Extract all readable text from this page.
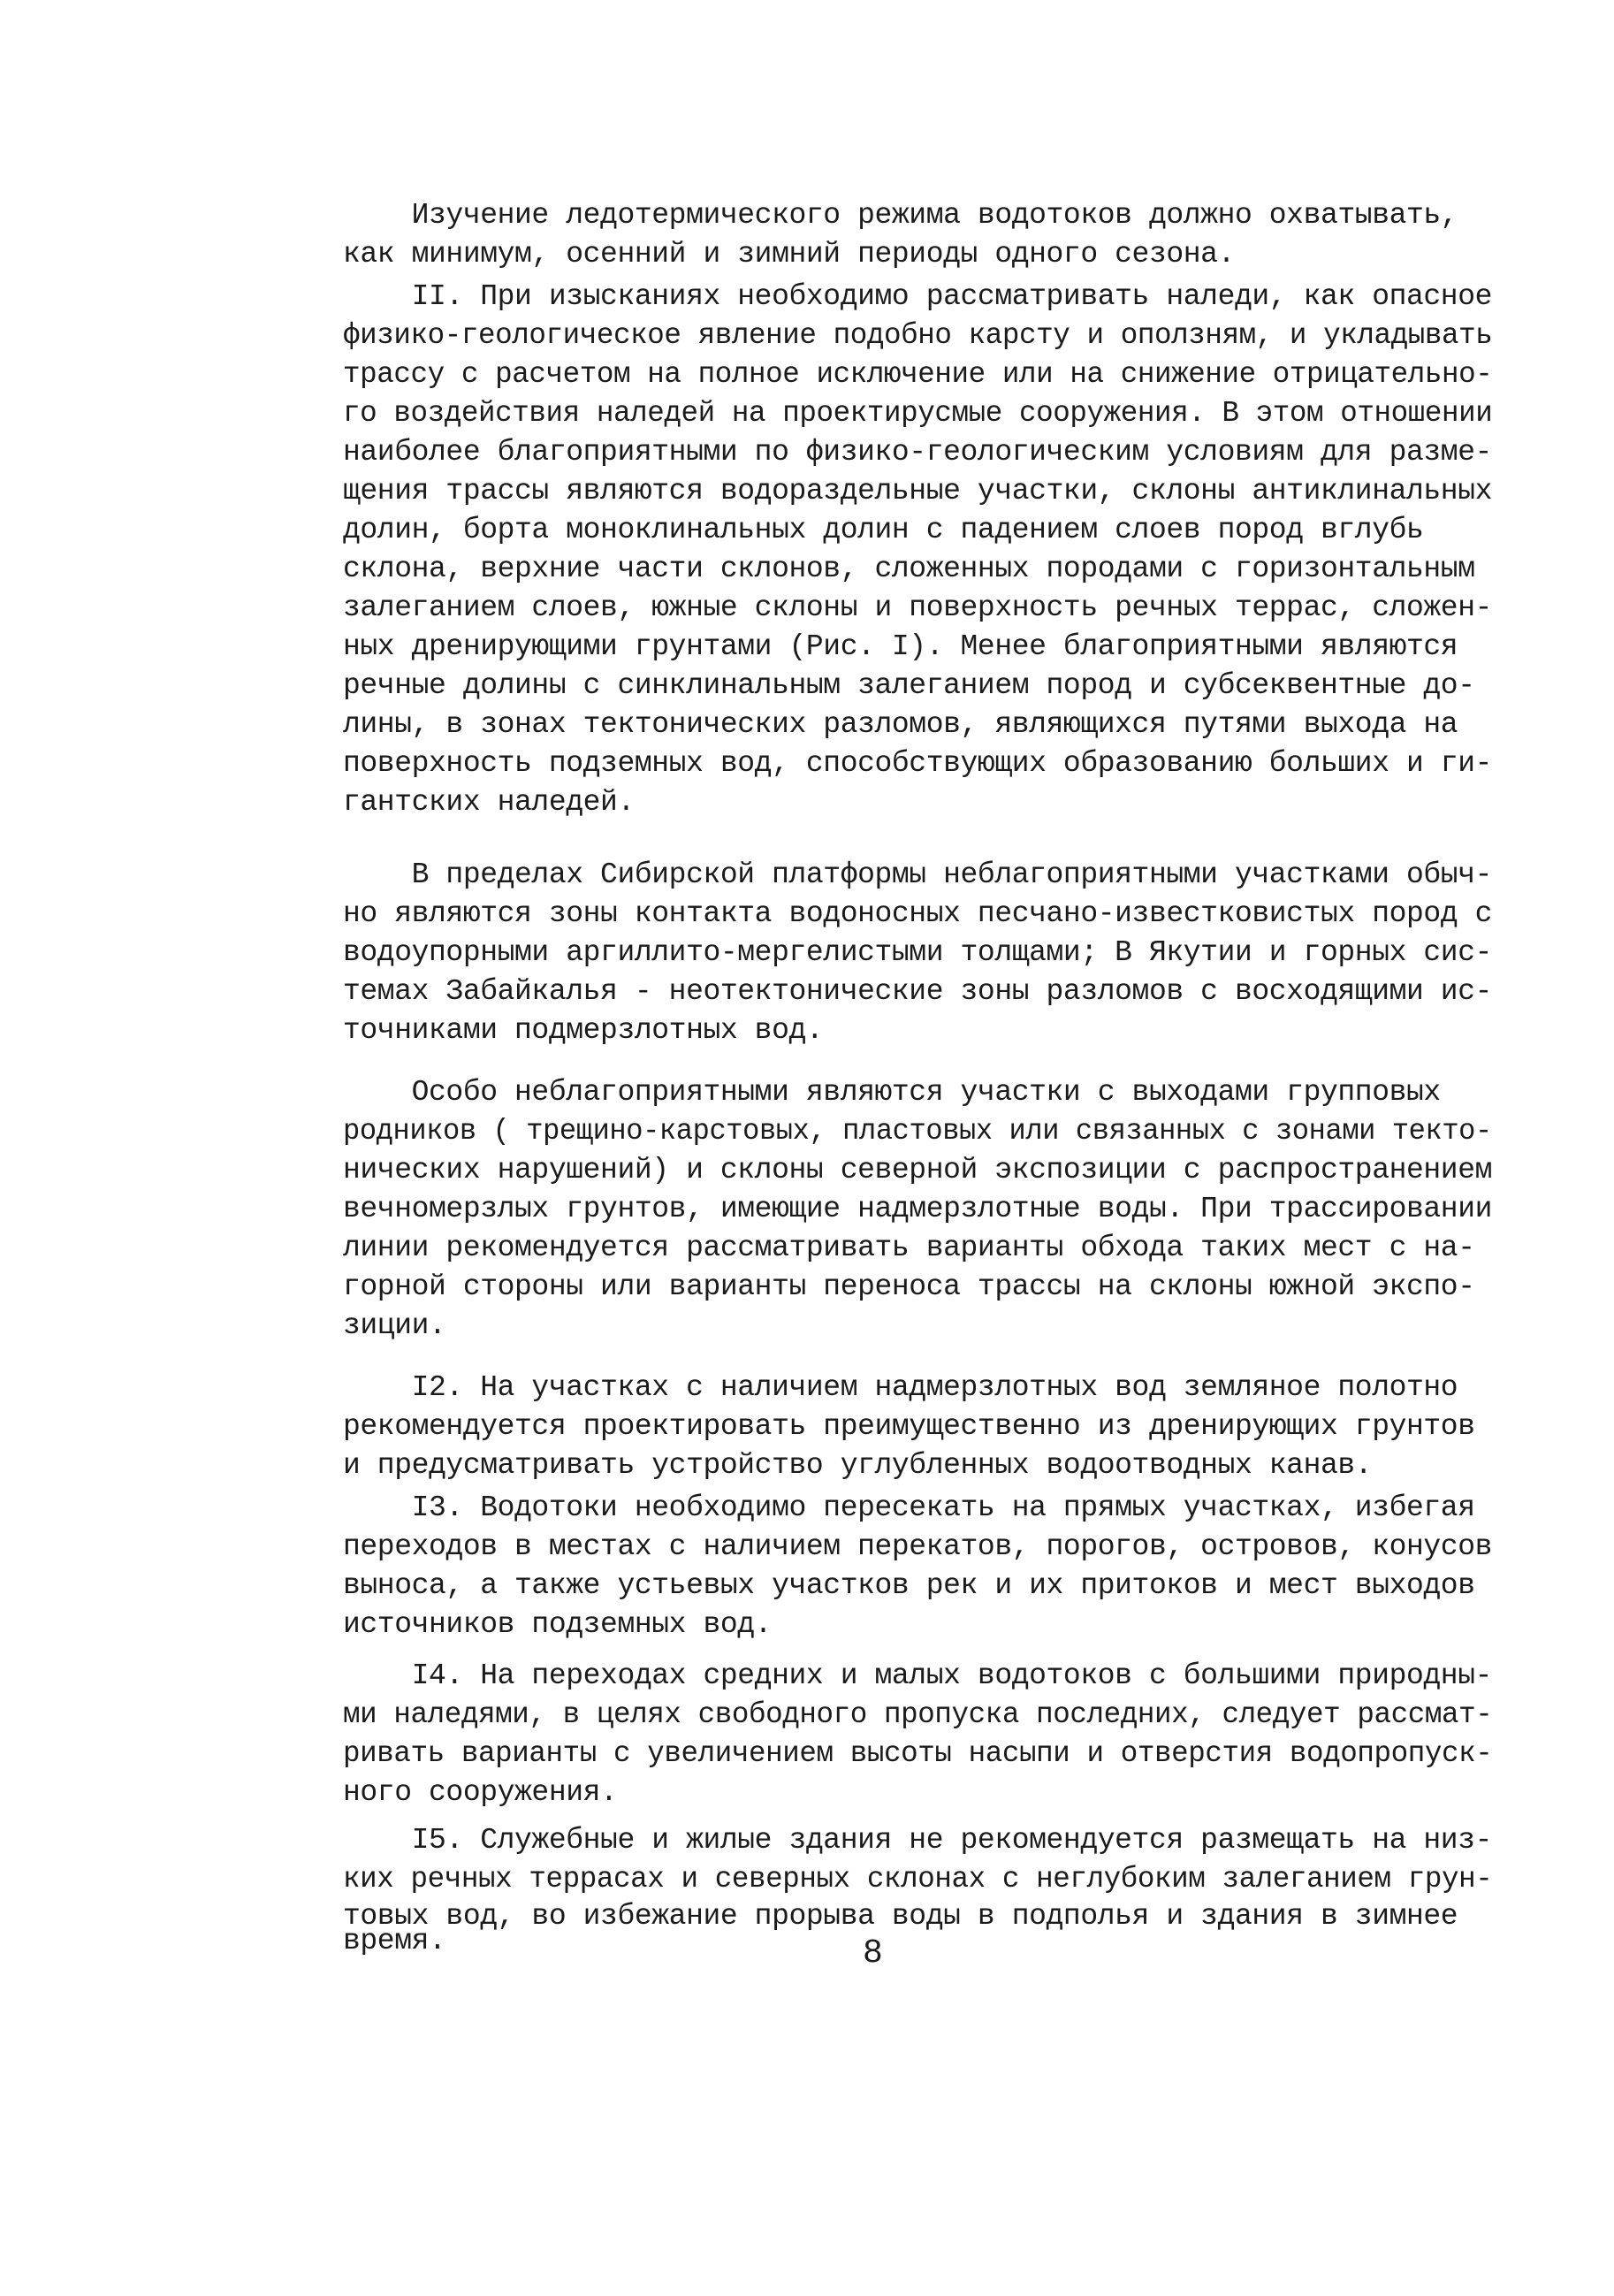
Изучение ледотермического режима водотоков должно охватывать,
как минимум, осенний и зимний периоды одного сезона.
II. При изысканиях необходимо рассматривать наледи, как опасное
физико-геологическое явление подобно карсту и оползням, и укладывать
трассу с расчетом на полное исключение или на снижение отрицательно-
го воздействия наледей на проектирусмые сооружения. В этом отношении
наиболее благоприятными по физико-геологическим условиям для разме-
щения трассы являются водораздельные участки, склоны антиклинальных
долин, борта моноклинальных долин с падением слоев пород вглубь
склона, верхние части склонов, сложенных породами с горизонтальным
залеганием слоев, южные склоны и поверхность речных террас, сложен-
ных дренирующими грунтами (Рис. I). Менее благоприятными являются
речные долины с синклинальным залеганием пород и субсеквентные до-
лины, в зонах тектонических разломов, являющихся путями выхода на
поверхность подземных вод, способствующих образованию больших и ги-
гантских наледей.
В пределах Сибирской платформы неблагоприятными участками обыч-
но являются зоны контакта водоносных песчано-известковистых пород с
водоупорными аргиллито-мергелистыми толщами; В Якутии и горных сис-
темах Забайкалья - неотектонические зоны разломов с восходящими ис-
точниками подмерзлотных вод.
Особо неблагоприятными являются участки с выходами групповых
родников ( трещино-карстовых, пластовых или связанных с зонами текто-
нических нарушений) и склоны северной экспозиции с распространением
вечномерзлых грунтов, имеющие надмерзлотные воды. При трассировании
линии рекомендуется рассматривать варианты обхода таких мест с на-
горной стороны или варианты переноса трассы на склоны южной экспо-
зиции.
I2. На участках с наличием надмерзлотных вод земляное полотно
рекомендуется проектировать преимущественно из дренирующих грунтов
и предусматривать устройство углубленных водоотводных канав.
I3. Водотоки необходимо пересекать на прямых участках, избегая
переходов в местах с наличием перекатов, порогов, островов, конусов
выноса, а также устьевых участков рек и их притоков и мест выходов
источников подземных вод.
I4. На переходах средних и малых водотоков с большими природны-
ми наледями, в целях свободного пропуска последних, следует рассмат-
ривать варианты с увеличением высоты насыпи и отверстия водопропуск-
ного сооружения.
I5. Служебные и жилые здания не рекомендуется размещать на низ-
ких речных террасах и северных склонах с неглубоким залеганием грун-
товых вод, во избежание прорыва воды в подполья и здания в зимнее
время.	8
